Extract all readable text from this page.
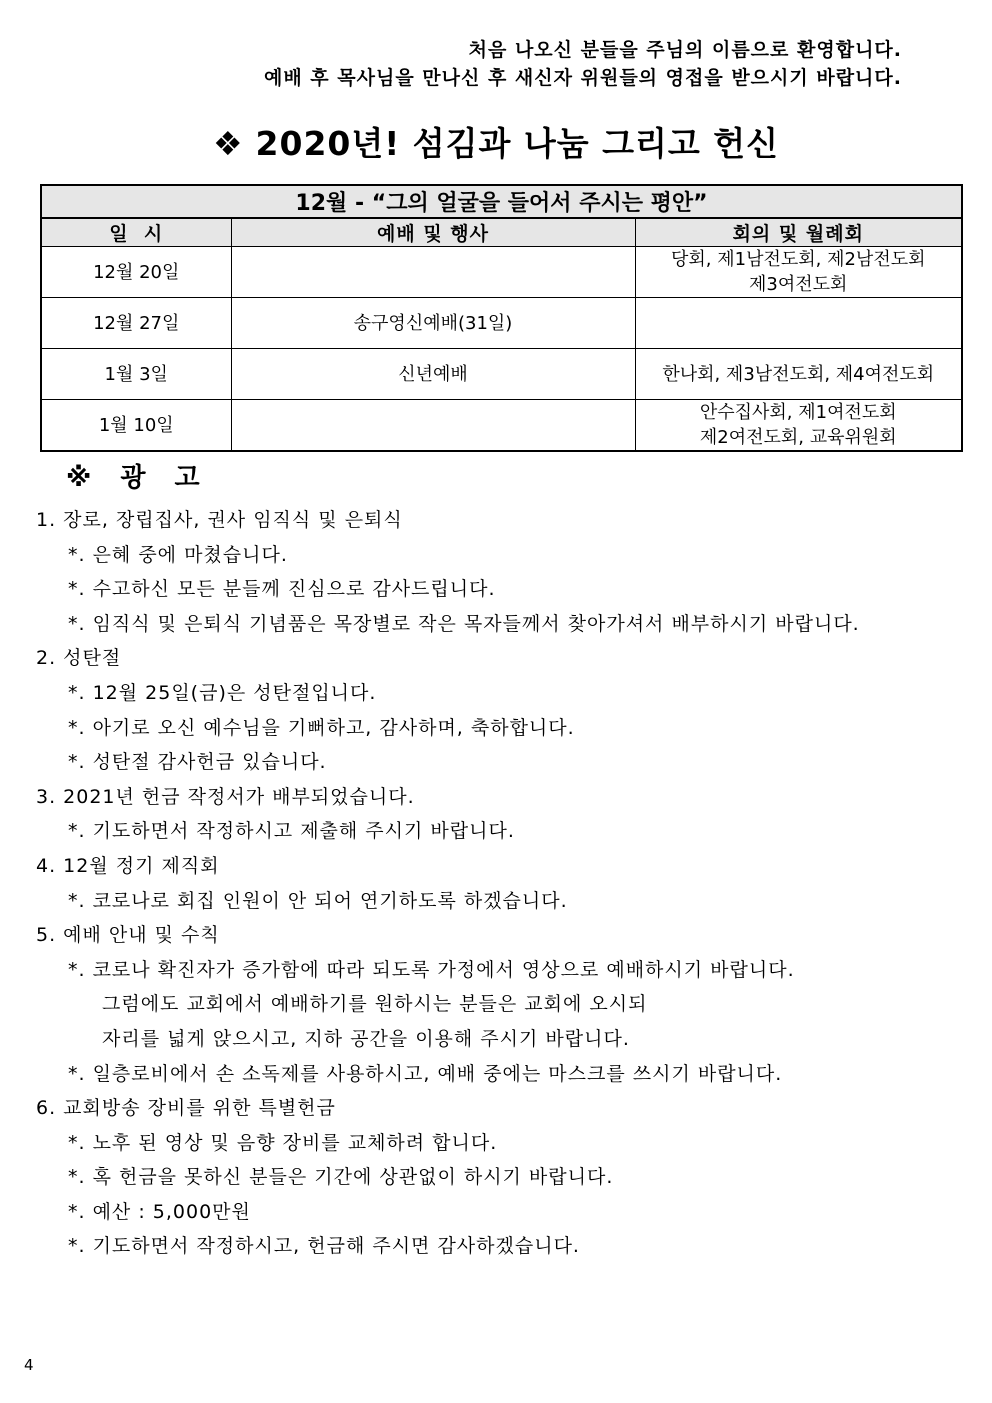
처음 나오신 분들을 주님의 이름으로 환영합니다.
예배 후 목사님을 만나신 후 새신자 위원들의 영접을 받으시기 바랍니다.
❖ 2020년! 섬김과 나눔 그리고 헌신
12월 - “그의 얼굴을 들어서 주시는 평안”		
일  시	예배 및 행사	회의 및 월례회
12월 20일		당회, 제1남전도회, 제2남전도회
제3여전도회

12월 27일	송구영신예배(31일)	

1월 3일	신년예배	한나회, 제3남전도회, 제4여전도회

1월 10일		안수집사회, 제1여전도회
제2여전도회, 교육위원회
※ 광 고
1. 장로, 장립집사, 권사 임직식 및 은퇴식
*. 은혜 중에 마쳤습니다.
*. 수고하신 모든 분들께 진심으로 감사드립니다.
*. 임직식 및 은퇴식 기념품은 목장별로 작은 목자들께서 찾아가셔서 배부하시기 바랍니다.
2. 성탄절
*. 12월 25일(금)은 성탄절입니다.
*. 아기로 오신 예수님을 기뻐하고, 감사하며, 축하합니다.
*. 성탄절 감사헌금 있습니다.
3. 2021년 헌금 작정서가 배부되었습니다.
*. 기도하면서 작정하시고 제출해 주시기 바랍니다.
4. 12월 정기 제직회
*. 코로나로 회집 인원이 안 되어 연기하도록 하겠습니다.
5. 예배 안내 및 수칙
*. 코로나 확진자가 증가함에 따라 되도록 가정에서 영상으로 예배하시기 바랍니다.
그럼에도 교회에서 예배하기를 원하시는 분들은 교회에 오시되
자리를 넓게 앉으시고, 지하 공간을 이용해 주시기 바랍니다.
*. 일층로비에서 손 소독제를 사용하시고, 예배 중에는 마스크를 쓰시기 바랍니다.
6. 교회방송 장비를 위한 특별헌금
*. 노후 된 영상 및 음향 장비를 교체하려 합니다.
*. 혹 헌금을 못하신 분들은 기간에 상관없이 하시기 바랍니다.
*. 예산 : 5,000만원
*. 기도하면서 작정하시고, 헌금해 주시면 감사하겠습니다.
4
